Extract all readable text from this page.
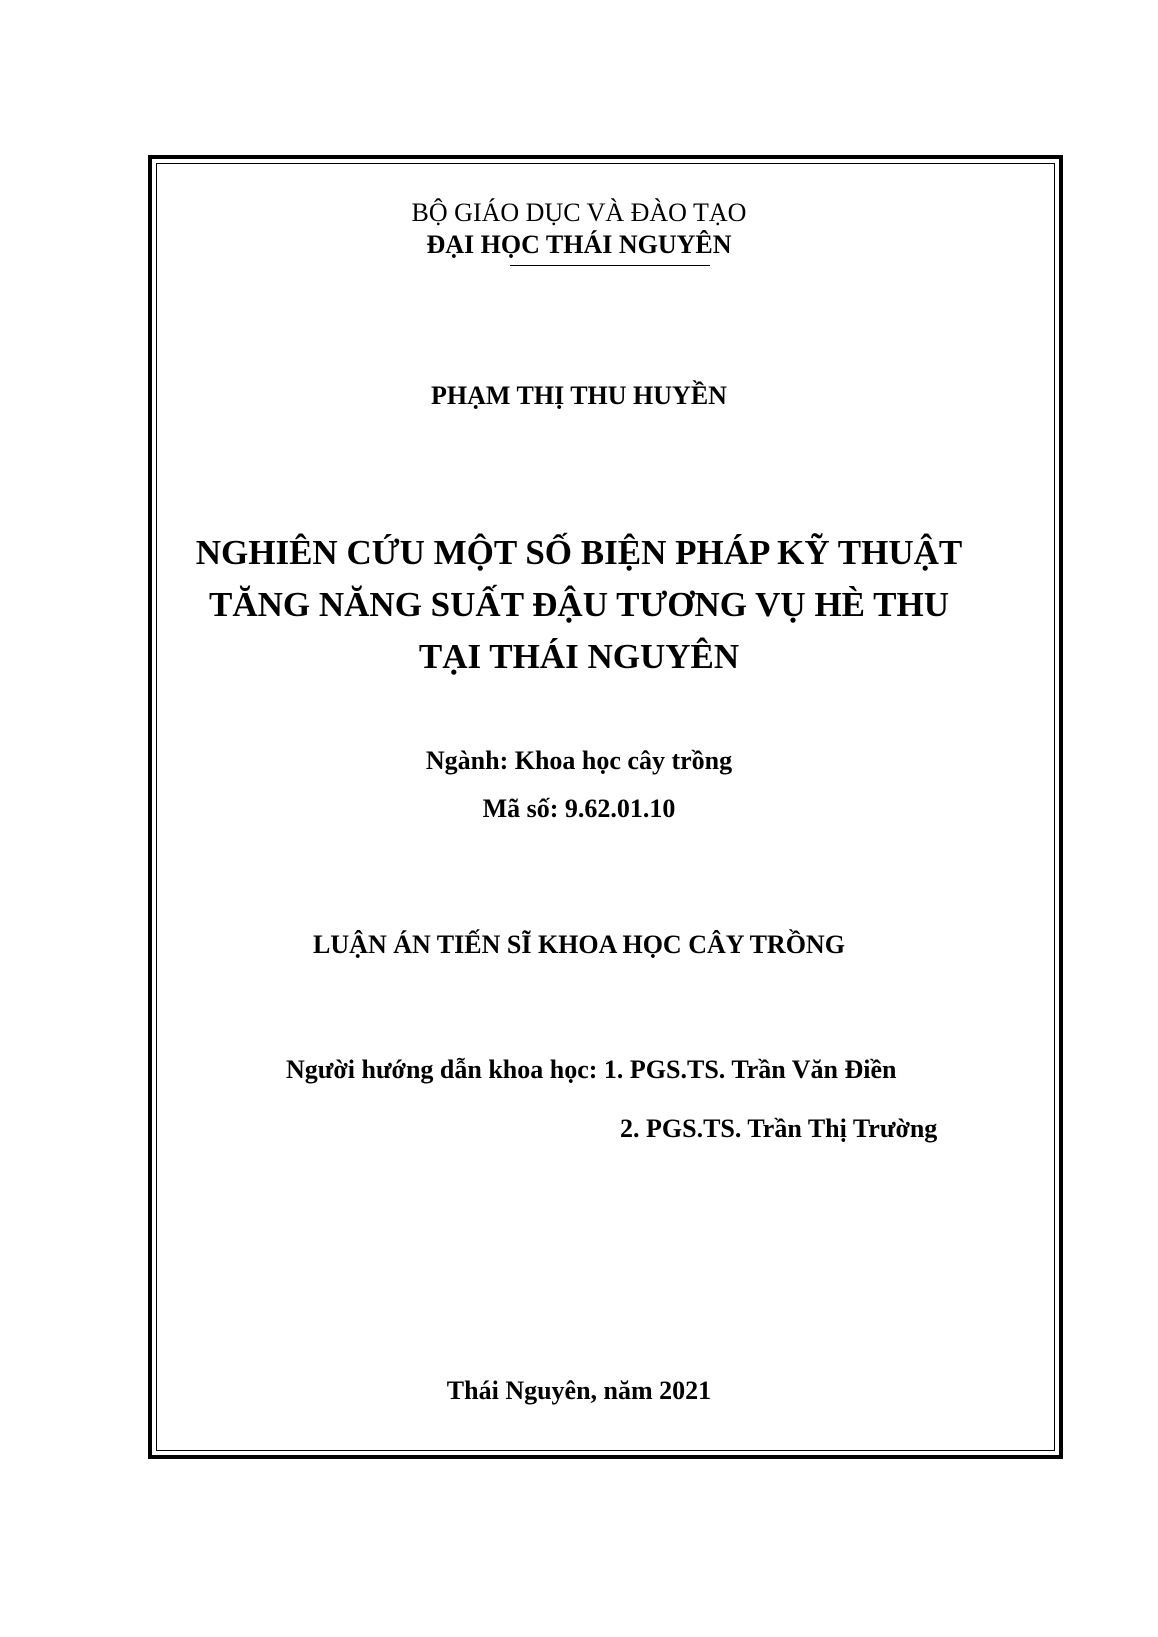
BỘ GIÁO DỤC VÀ ĐÀO TẠO
ĐẠI HỌC THÁI NGUYÊN
PHẠM THỊ THU HUYỀN
NGHIÊN CỨU MỘT SỐ BIỆN PHÁP KỸ THUẬT
TĂNG NĂNG SUẤT ĐẬU TƯƠNG VỤ HÈ THU
TẠI THÁI NGUYÊN
Ngành: Khoa học cây trồng
Mã số: 9.62.01.10
LUẬN ÁN TIẾN SĨ KHOA HỌC CÂY TRỒNG
Người hướng dẫn khoa học: 1. PGS.TS. Trần Văn Điền
2. PGS.TS. Trần Thị Trường
Thái Nguyên, năm 2021
